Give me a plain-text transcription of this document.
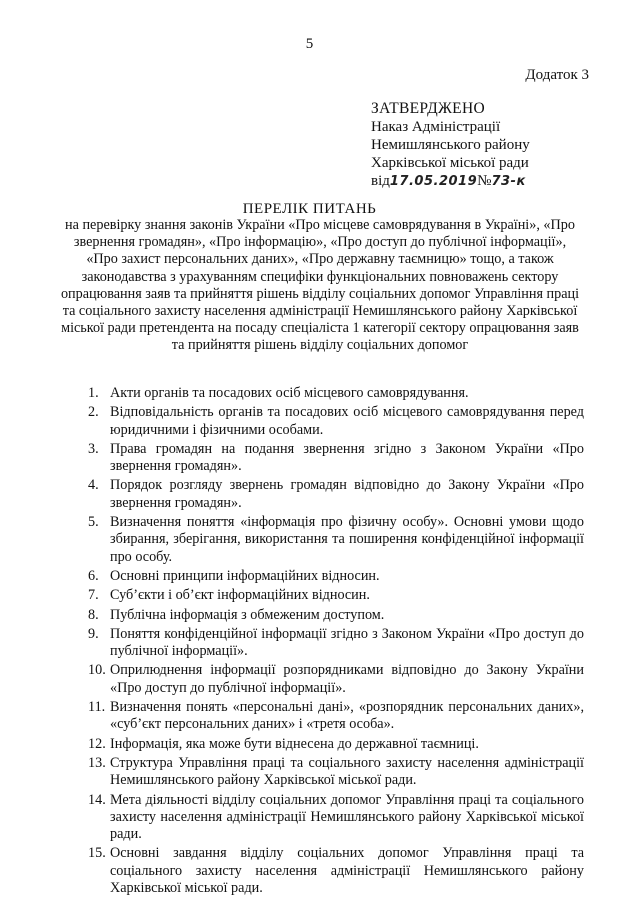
5
Додаток 3
ЗАТВЕРДЖЕНО
Наказ Адміністрації
Немишлянського району
Харківської міської ради
від17.05.2019№73-к
ПЕРЕЛІК ПИТАНЬ
на перевірку знання законів України «Про місцеве самоврядування в Україні», «Про звернення громадян», «Про інформацію», «Про доступ до публічної інформації», «Про захист персональних даних», «Про державну таємницю» тощо, а також законодавства з урахуванням специфіки функціональних повноважень сектору опрацювання заяв та прийняття рішень відділу соціальних допомог Управління праці та соціального захисту населення адміністрації Немишлянського району Харківської міської ради претендента на посаду спеціаліста 1 категорії сектору опрацювання заяв та прийняття рішень відділу соціальних допомог
1. Акти органів та посадових осіб місцевого самоврядування.
2. Відповідальність органів та посадових осіб місцевого самоврядування перед юридичними і фізичними особами.
3. Права громадян на подання звернення згідно з Законом України «Про звернення громадян».
4. Порядок розгляду звернень громадян відповідно до Закону України «Про звернення громадян».
5. Визначення поняття «інформація про фізичну особу». Основні умови щодо збирання, зберігання, використання та поширення конфіденційної інформації про особу.
6. Основні принципи інформаційних відносин.
7. Суб’єкти і об’єкт інформаційних відносин.
8. Публічна інформація з обмеженим доступом.
9. Поняття конфіденційної інформації згідно з Законом України «Про доступ до публічної інформації».
10. Оприлюднення інформації розпорядниками відповідно до Закону України «Про доступ до публічної інформації».
11. Визначення понять «персональні дані», «розпорядник персональних даних», «суб’єкт персональних даних» і «третя особа».
12. Інформація, яка може бути віднесена до державної таємниці.
13. Структура Управління праці та соціального захисту населення адміністрації Немишлянського району Харківської міської ради.
14. Мета діяльності відділу соціальних допомог Управління праці та соціального захисту населення адміністрації Немишлянського району Харківської міської ради.
15. Основні завдання відділу соціальних допомог Управління праці та соціального захисту населення адміністрації Немишлянського району Харківської міської ради.
